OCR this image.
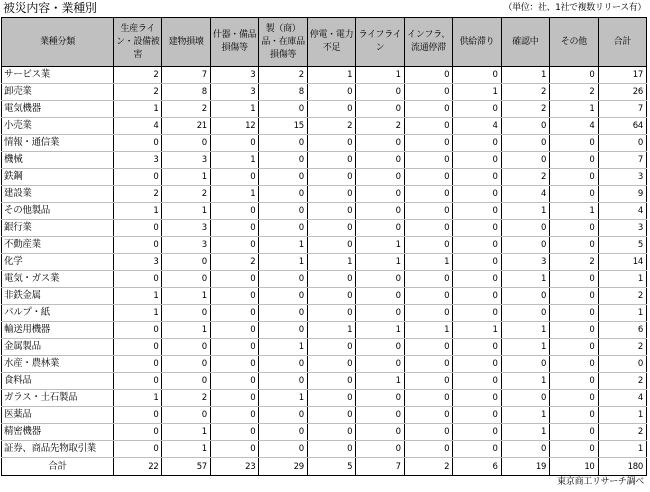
被災内容・業種別	（単位：社、1社で複数リリース有）
業種分類	生産ライン・設備被害	建物損壊	什器・備品損傷等	製（商）品・在庫品損傷等	停電・電力不足	ライフライン	インフラ、流通停滞	供給滞り	確認中	その他	合計
サービス業	2	7	3	2	1	1	0	0	1	0	17
卸売業	2	8	3	8	0	0	0	1	2	2	26
電気機器	1	2	1	0	0	0	0	0	2	1	7
小売業	4	21	12	15	2	2	0	4	0	4	64
情報・通信業	0	0	0	0	0	0	0	0	0	0	0
機械	3	3	1	0	0	0	0	0	0	0	7
鉄鋼	0	1	0	0	0	0	0	0	2	0	3
建設業	2	2	1	0	0	0	0	0	4	0	9
その他製品	1	1	0	0	0	0	0	0	1	1	4
銀行業	0	3	0	0	0	0	0	0	0	0	3
不動産業	0	3	0	1	0	1	0	0	0	0	5
化学	3	0	2	1	1	1	1	0	3	2	14
電気・ガス業	0	0	0	0	0	0	0	0	1	0	1
非鉄金属	1	1	0	0	0	0	0	0	0	0	2
パルプ・紙	1	0	0	0	0	0	0	0	0	0	1
輸送用機器	0	1	0	0	1	1	1	1	1	0	6
金属製品	0	0	0	1	0	0	0	0	1	0	2
水産・農林業	0	0	0	0	0	0	0	0	0	0	0
食料品	0	0	0	0	0	1	0	0	1	0	2
ガラス・土石製品	1	2	0	1	0	0	0	0	0	0	4
医薬品	0	0	0	0	0	0	0	0	1	0	1
精密機器	0	1	0	0	0	0	0	0	1	0	2
証券、商品先物取引業	0	1	0	0	0	0	0	0	0	0	1
合計	22	57	23	29	5	7	2	6	19	10	180
東京商工リサーチ調べ
